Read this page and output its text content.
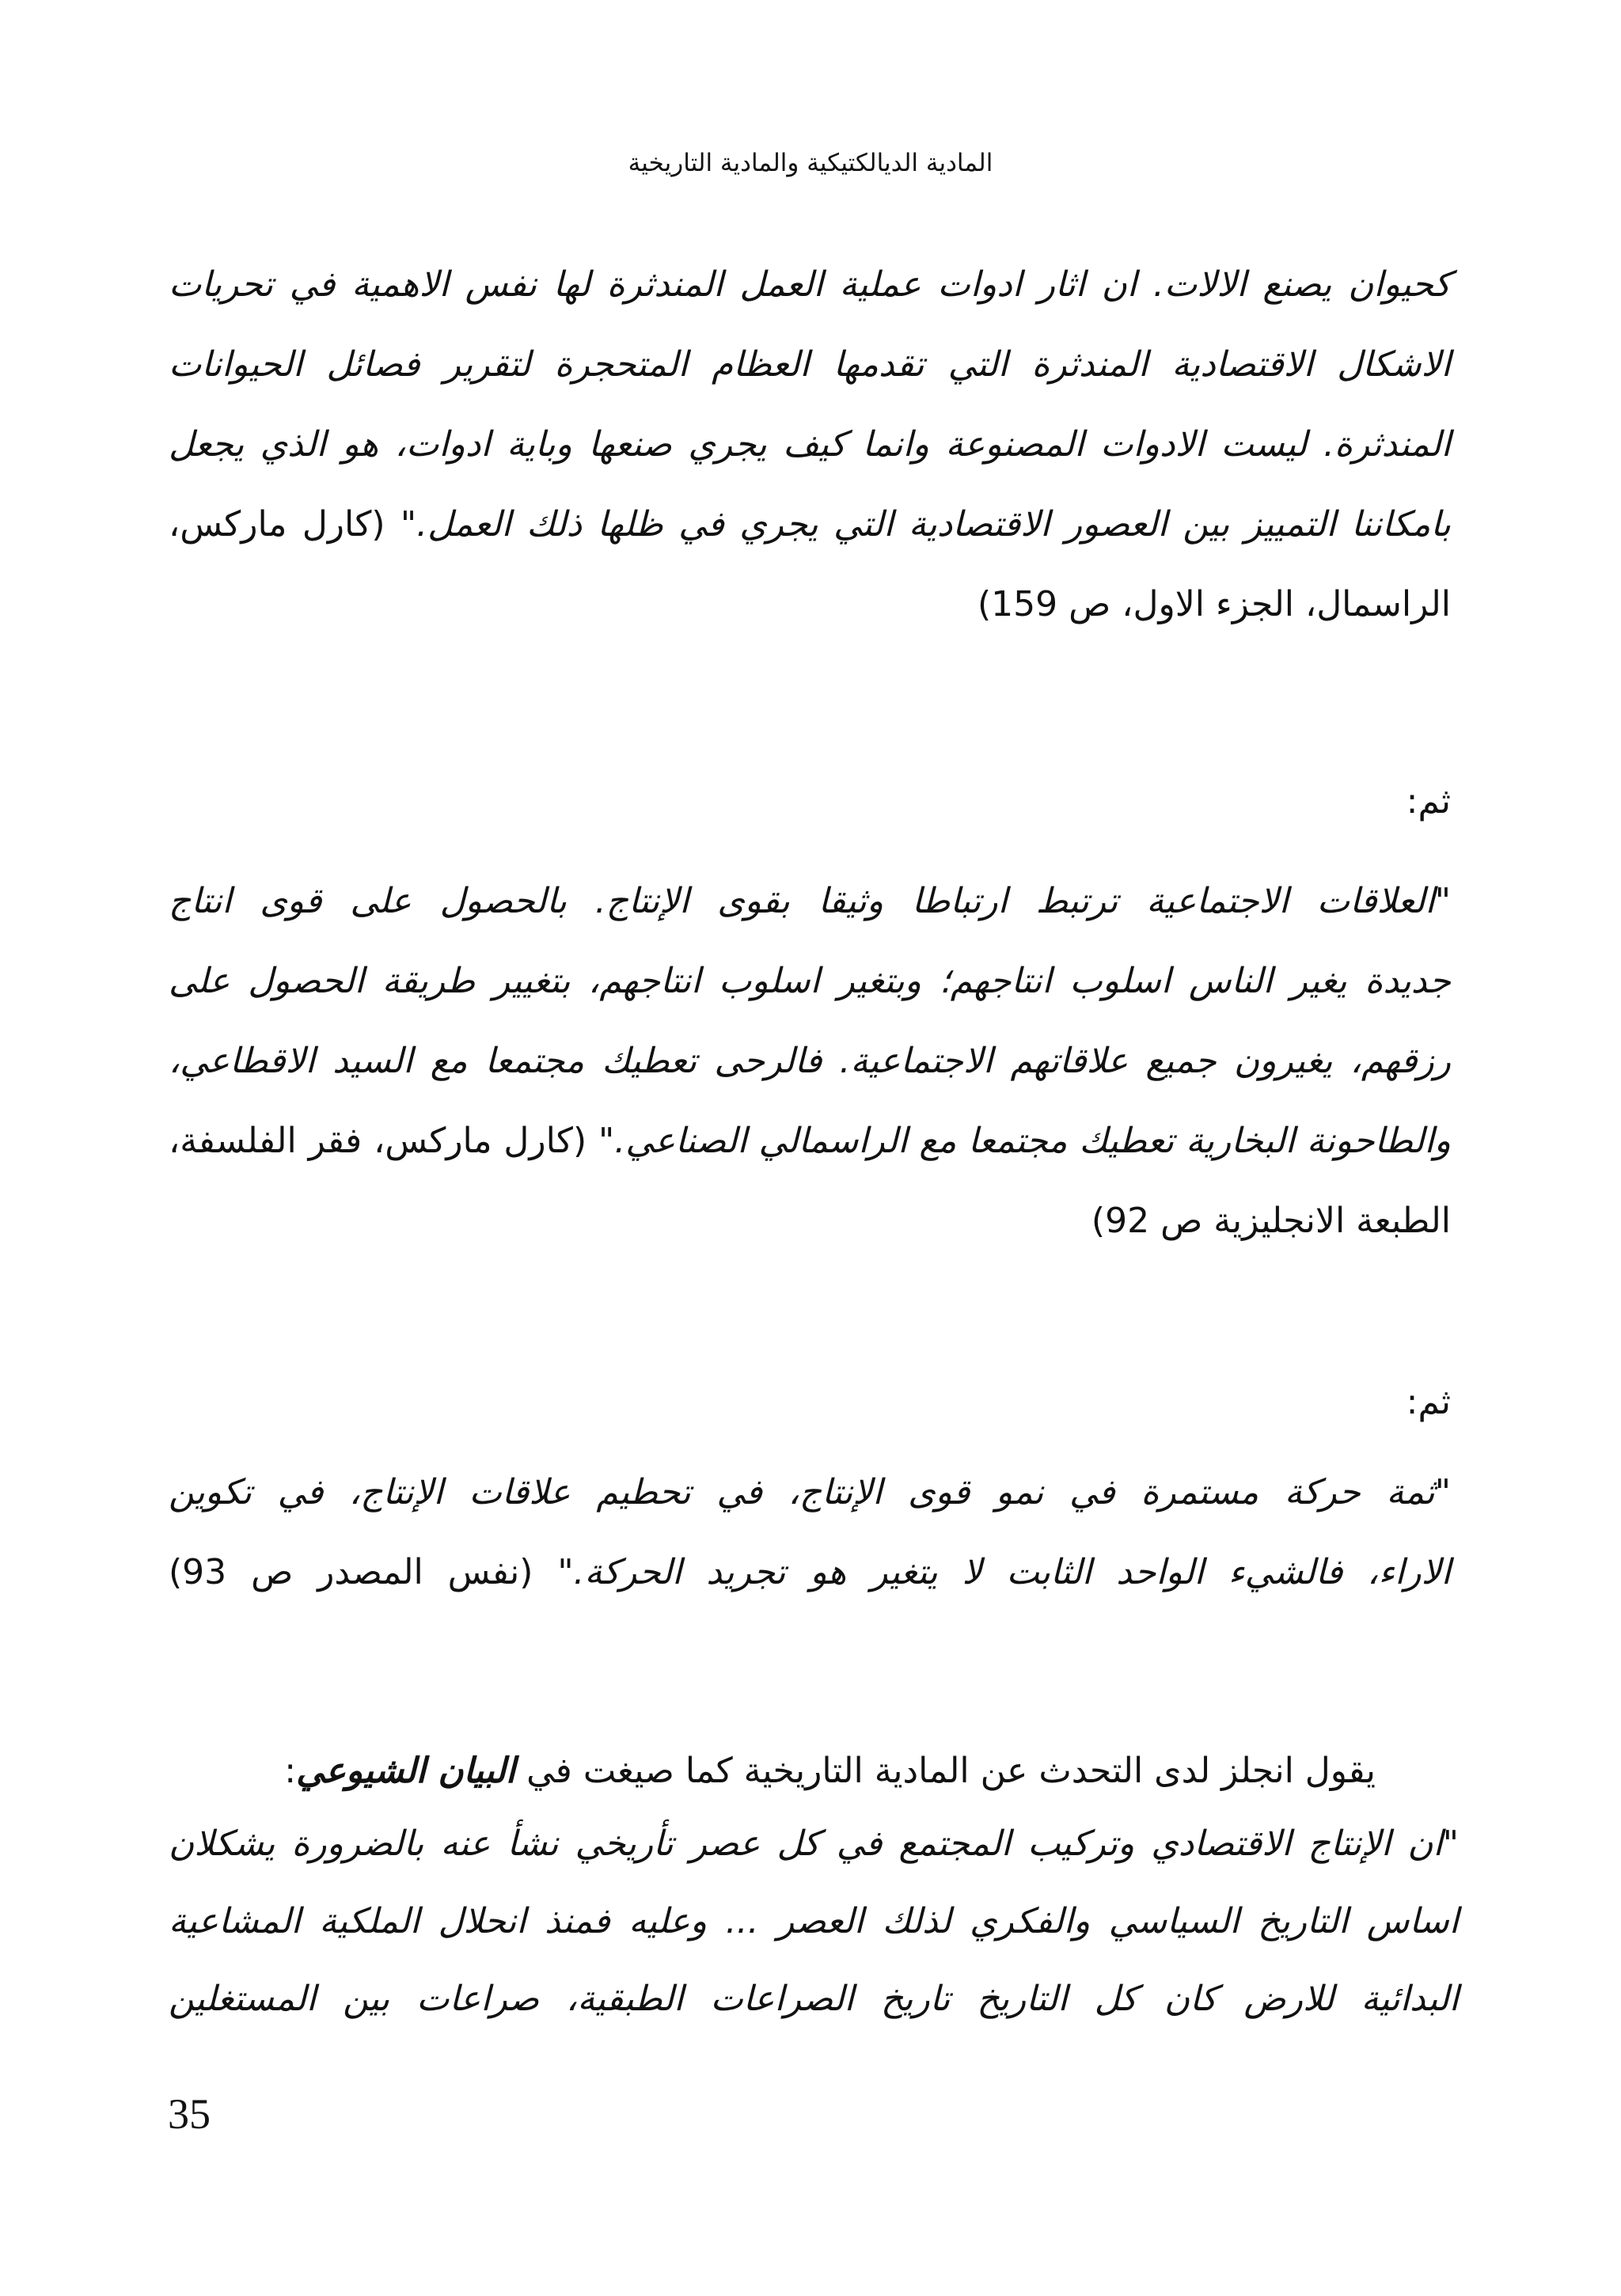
المادية الديالكتيكية والمادية التاريخية
كحيوان يصنع الالات. ان اثار ادوات عملية العمل المندثرة لها نفس الاهمية في تحريات
الاشكال الاقتصادية المندثرة التي تقدمها العظام المتحجرة لتقرير فصائل الحيوانات
المندثرة. ليست الادوات المصنوعة وانما كيف يجري صنعها وباية ادوات، هو الذي يجعل
بامكاننا التمييز بين العصور الاقتصادية التي يجري في ظلها ذلك العمل." (كارل ماركس،
الراسمال، الجزء الاول، ص 159)
ثم:
"العلاقات الاجتماعية ترتبط ارتباطا وثيقا بقوى الإنتاج. بالحصول على قوى انتاج
جديدة يغير الناس اسلوب انتاجهم؛ وبتغير اسلوب انتاجهم، بتغيير طريقة الحصول على
رزقهم، يغيرون جميع علاقاتهم الاجتماعية. فالرحى تعطيك مجتمعا مع السيد الاقطاعي،
والطاحونة البخارية تعطيك مجتمعا مع الراسمالي الصناعي." (كارل ماركس، فقر الفلسفة،
الطبعة الانجليزية ص 92)
ثم:
"ثمة حركة مستمرة في نمو قوى الإنتاج، في تحطيم علاقات الإنتاج، في تكوين
الاراء، فالشيء الواحد الثابت لا يتغير هو تجريد الحركة." (نفس المصدر ص 93)
يقول انجلز لدى التحدث عن المادية التاريخية كما صيغت في البيان الشيوعي:
"ان الإنتاج الاقتصادي وتركيب المجتمع في كل عصر تأريخي نشأ عنه بالضرورة يشكلان
اساس التاريخ السياسي والفكري لذلك العصر ... وعليه فمنذ انحلال الملكية المشاعية
البدائية للارض كان كل التاريخ تاريخ الصراعات الطبقية، صراعات بين المستغلين
35
